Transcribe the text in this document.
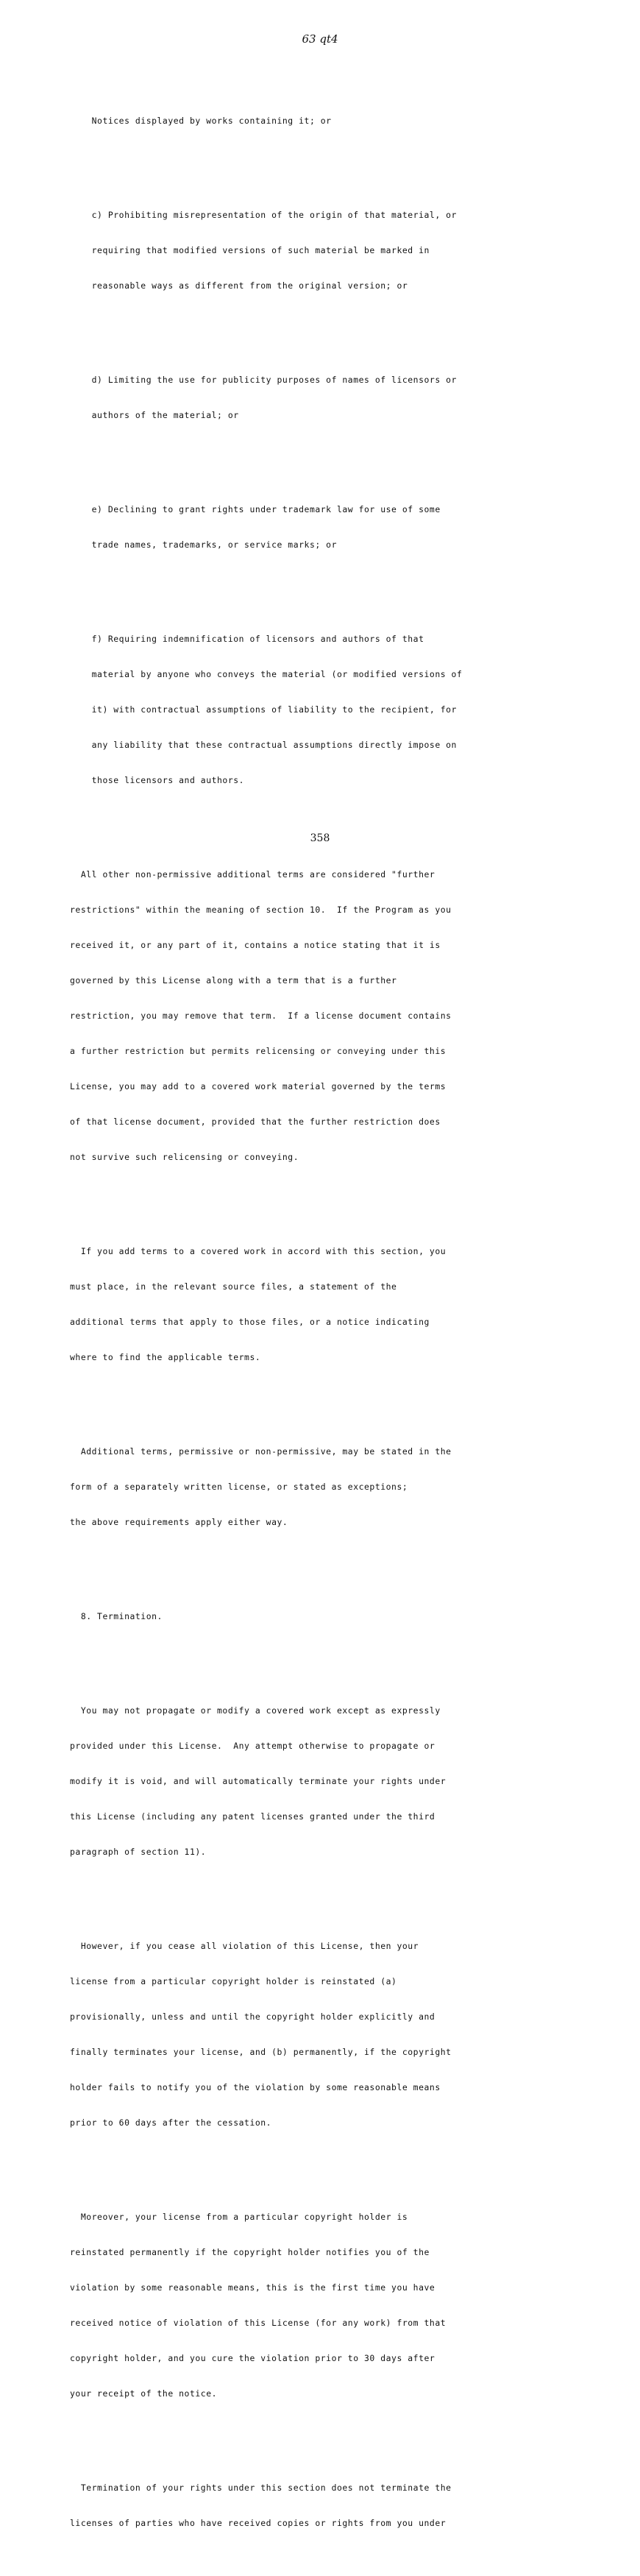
63 qt4

Notices displayed by works containing it; or

c) Prohibiting misrepresentation of the origin of that material, or

requiring that modified versions of such material be marked in

reasonable ways as different from the original version; or

d) Limiting the use for publicity purposes of names of licensors or

authors of the material; or

e) Declining to grant rights under trademark law for use of some

trade names, trademarks, or service marks; or

f) Requiring indemnification of licensors and authors of that

material by anyone who conveys the material (or modified versions of

it) with contractual assumptions of liability to the recipient, for

any liability that these contractual assumptions directly impose on

those licensors and authors.

All other non-permissive additional terms are considered "further

restrictions" within the meaning of section 10.  If the Program as you

received it, or any part of it, contains a notice stating that it is

governed by this License along with a term that is a further

restriction, you may remove that term.  If a license document contains

a further restriction but permits relicensing or conveying under this

License, you may add to a covered work material governed by the terms

of that license document, provided that the further restriction does

not survive such relicensing or conveying.

If you add terms to a covered work in accord with this section, you

must place, in the relevant source files, a statement of the

additional terms that apply to those files, or a notice indicating

where to find the applicable terms.

Additional terms, permissive or non-permissive, may be stated in the

form of a separately written license, or stated as exceptions;

the above requirements apply either way.

8. Termination.

You may not propagate or modify a covered work except as expressly

provided under this License.  Any attempt otherwise to propagate or

modify it is void, and will automatically terminate your rights under

this License (including any patent licenses granted under the third

paragraph of section 11).

However, if you cease all violation of this License, then your

license from a particular copyright holder is reinstated (a)

provisionally, unless and until the copyright holder explicitly and

finally terminates your license, and (b) permanently, if the copyright

holder fails to notify you of the violation by some reasonable means

prior to 60 days after the cessation.

Moreover, your license from a particular copyright holder is

reinstated permanently if the copyright holder notifies you of the

violation by some reasonable means, this is the first time you have

received notice of violation of this License (for any work) from that

copyright holder, and you cure the violation prior to 30 days after

your receipt of the notice.

Termination of your rights under this section does not terminate the

licenses of parties who have received copies or rights from you under

358
